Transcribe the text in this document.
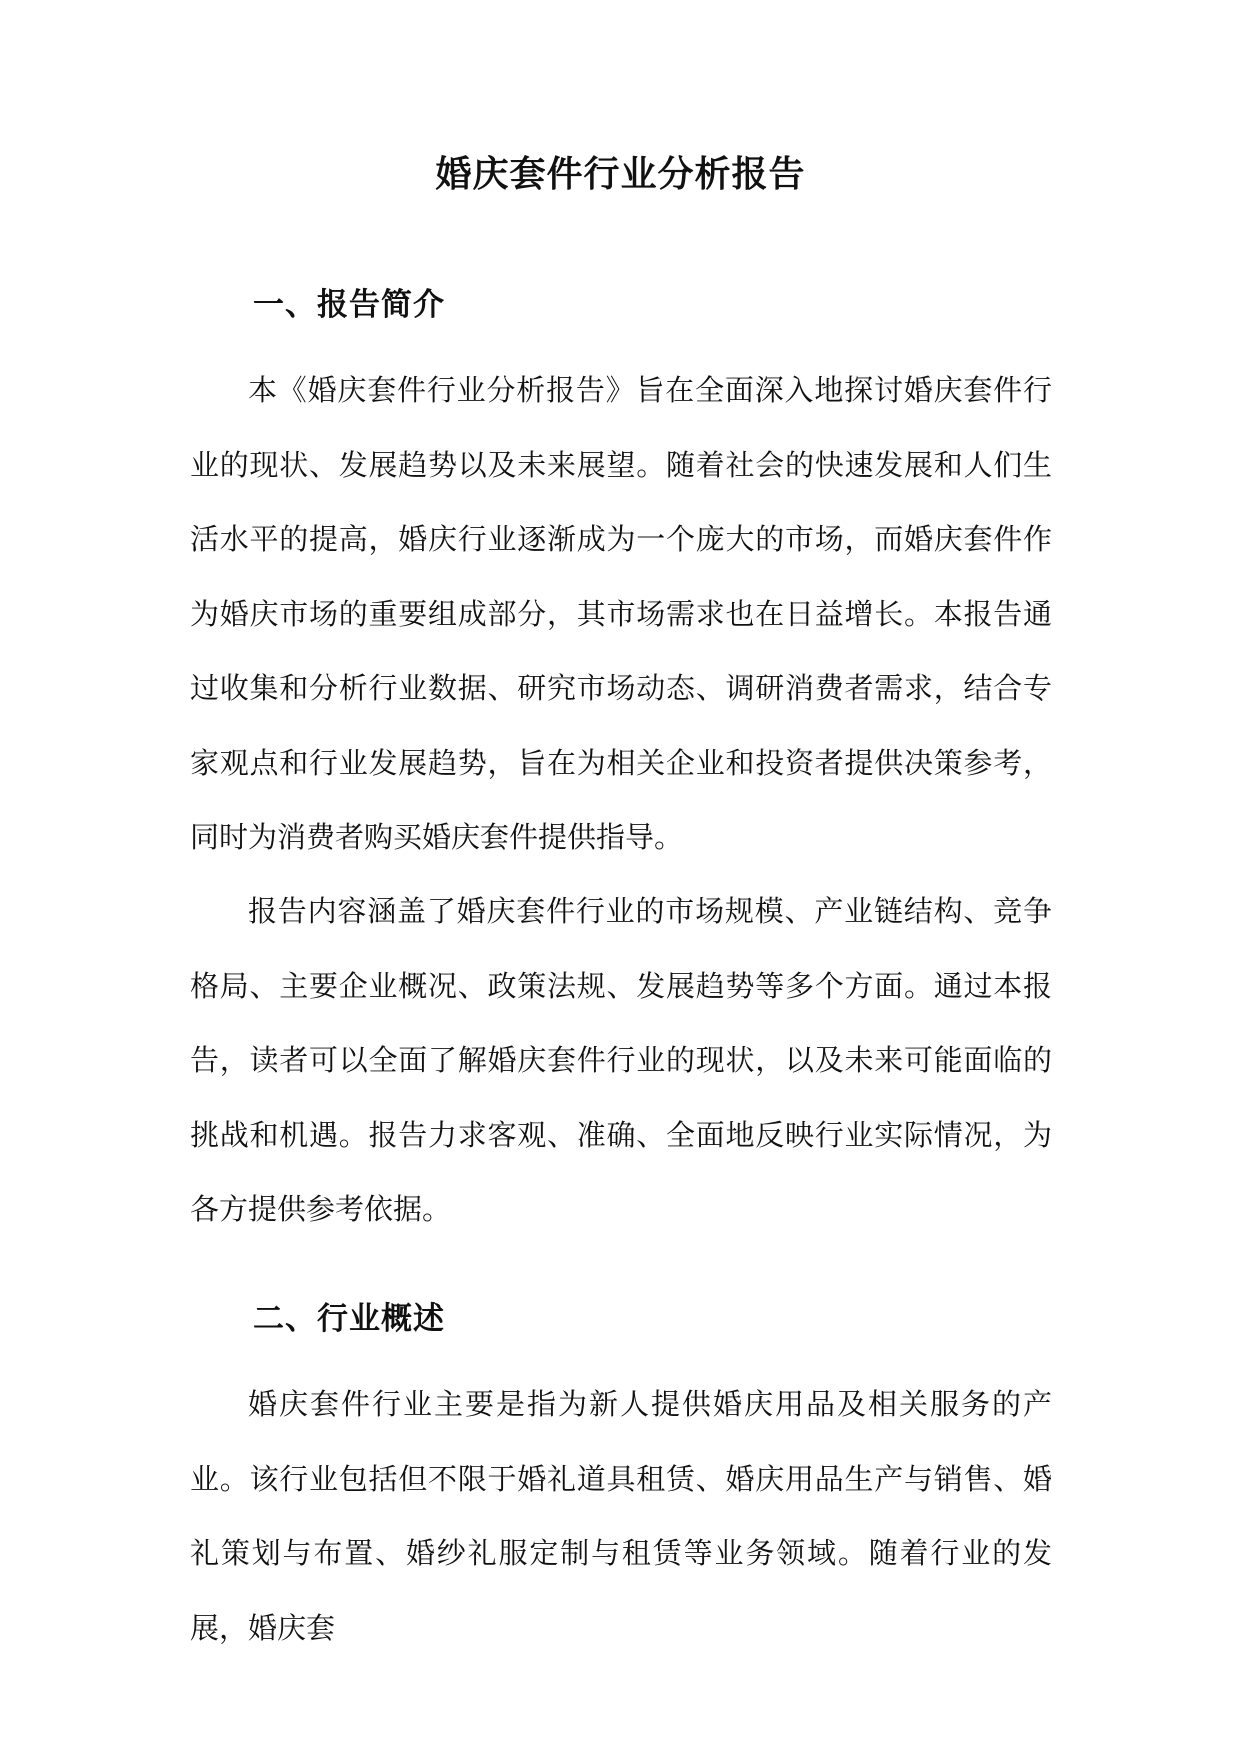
婚庆套件行业分析报告
一、报告简介

本《婚庆套件行业分析报告》旨在全面深入地探讨婚庆套件行业的现状、发展趋势以及未来展望。随着社会的快速发展和人们生活水平的提高，婚庆行业逐渐成为一个庞大的市场，而婚庆套件作为婚庆市场的重要组成部分，其市场需求也在日益增长。本报告通过收集和分析行业数据、研究市场动态、调研消费者需求，结合专家观点和行业发展趋势，旨在为相关企业和投资者提供决策参考，同时为消费者购买婚庆套件提供指导。

报告内容涵盖了婚庆套件行业的市场规模、产业链结构、竞争格局、主要企业概况、政策法规、发展趋势等多个方面。通过本报告，读者可以全面了解婚庆套件行业的现状，以及未来可能面临的挑战和机遇。报告力求客观、准确、全面地反映行业实际情况，为各方提供参考依据。

二、行业概述

婚庆套件行业主要是指为新人提供婚庆用品及相关服务的产业。该行业包括但不限于婚礼道具租赁、婚庆用品生产与销售、婚礼策划与布置、婚纱礼服定制与租赁等业务领域。随着行业的发展，婚庆套
